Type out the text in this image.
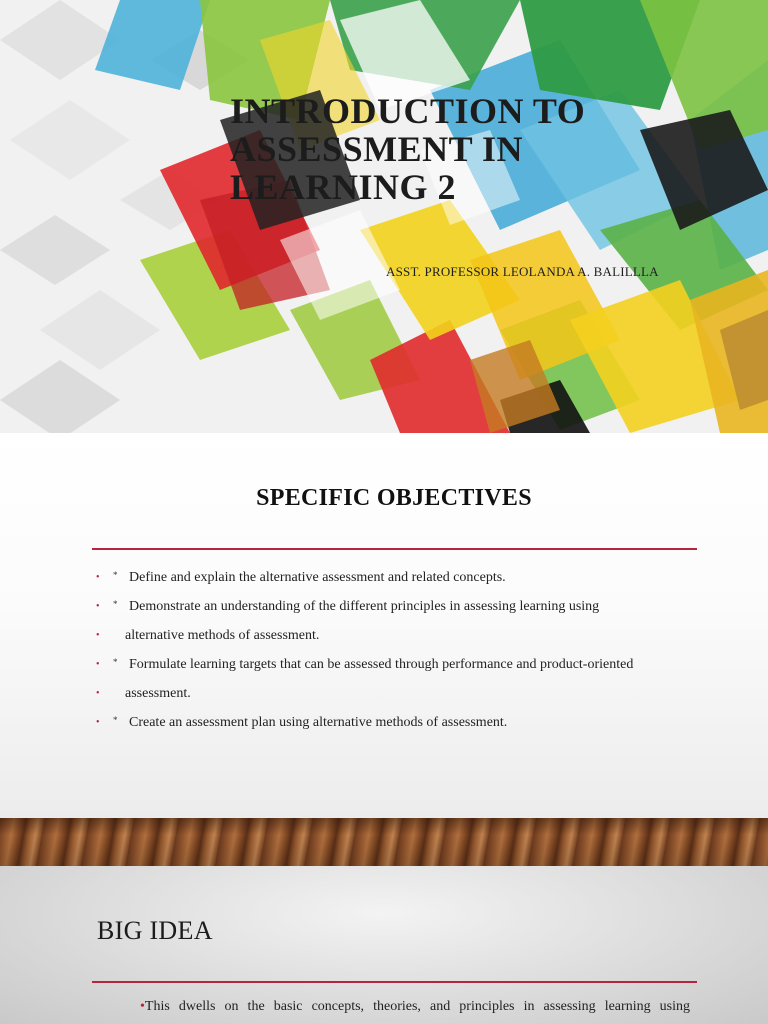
INTRODUCTION TO
ASSESSMENT IN
LEARNING 2
ASST. PROFESSOR LEOLANDA A. BALILLLA
SPECIFIC OBJECTIVES
• * Define and explain the alternative assessment and related concepts.
• * Demonstrate an understanding of the different principles in assessing learning using
• alternative methods of assessment.
• * Formulate learning targets that can be assessed through performance and product-oriented
• assessment.
• * Create an assessment plan using alternative methods of assessment.
BIG IDEA
•This dwells on the basic concepts, theories, and principles in assessing learning using
